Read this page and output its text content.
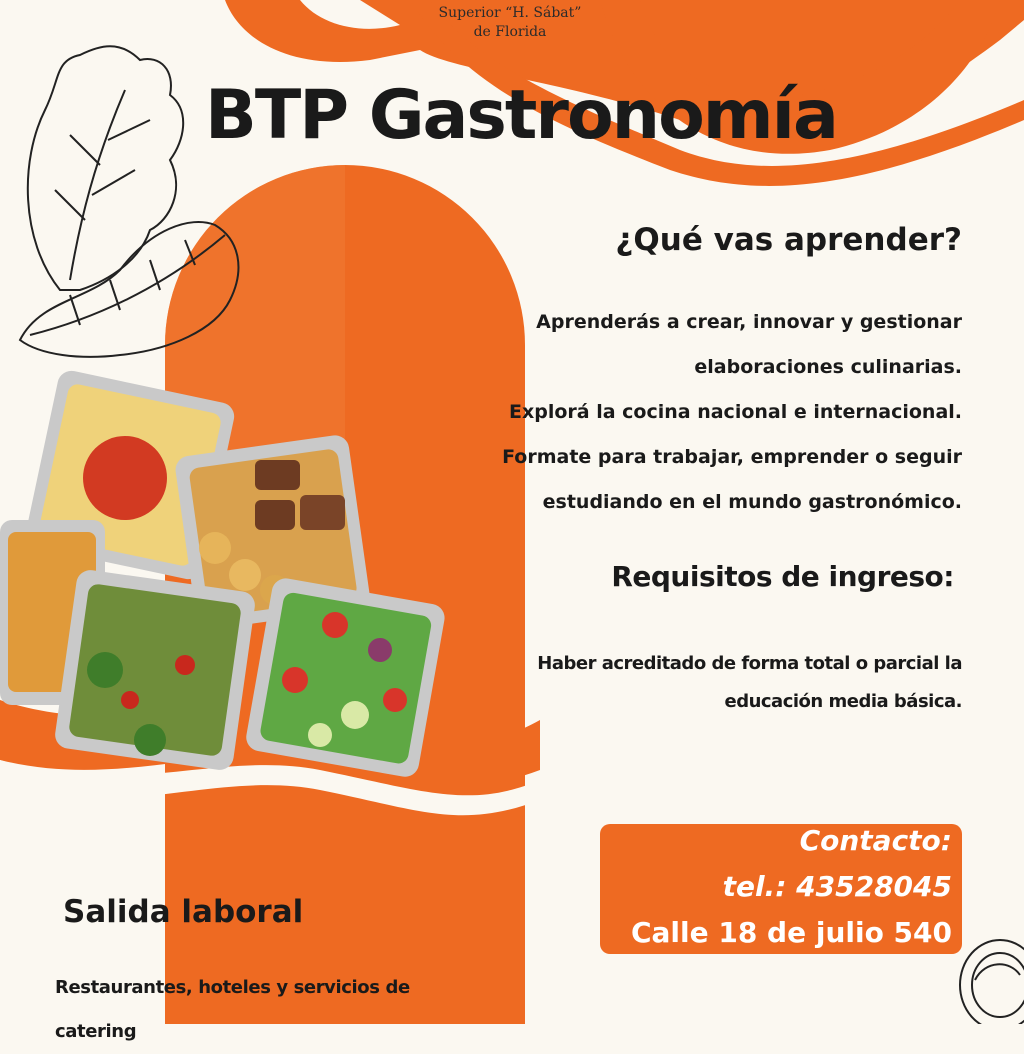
Superior “H. Sábat”
de Florida
BTP Gastronomía
¿Qué vas aprender?
Aprenderás a crear, innovar y gestionar
elaboraciones culinarias.
Explorá la cocina nacional e internacional.
Formate para trabajar, emprender o seguir
estudiando en el mundo gastronómico.
Requisitos de ingreso:
Haber acreditado de forma total o parcial la
educación media básica.
Contacto:
tel.: 43528045
Calle 18 de julio 540
Salida laboral

Restaurantes, hoteles y servicios de catering
